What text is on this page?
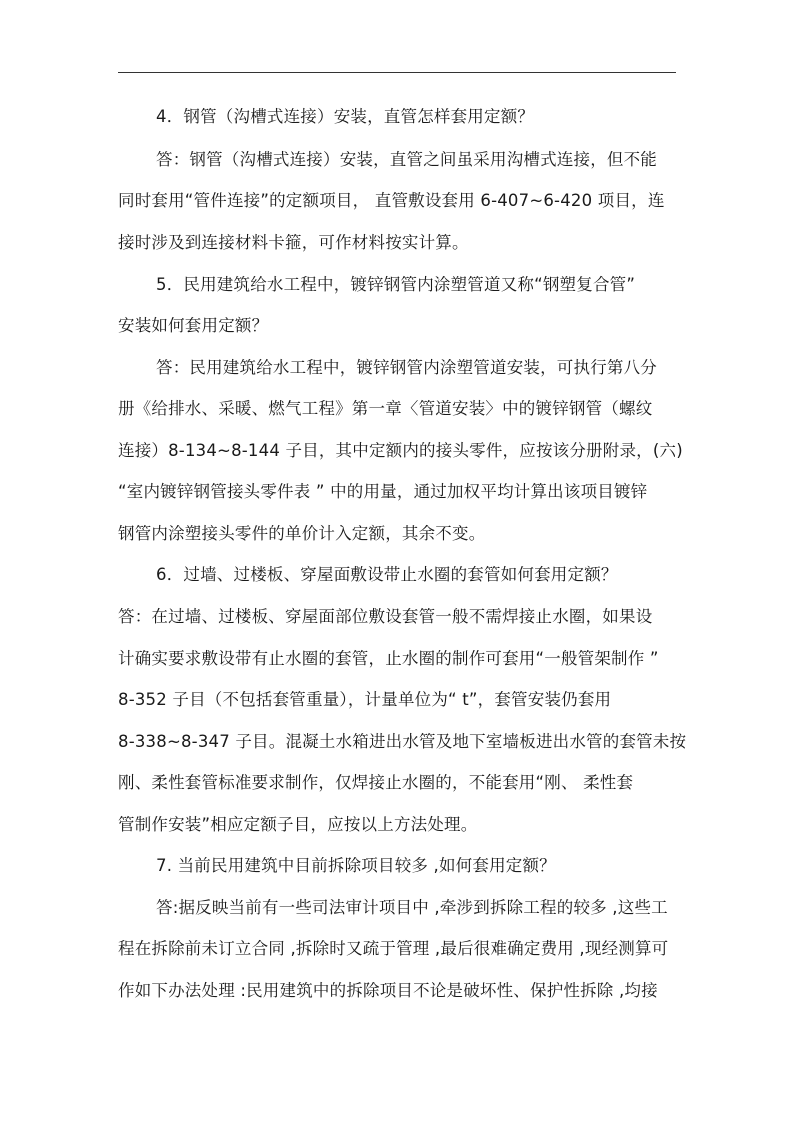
4．钢管（沟槽式连接）安装，直管怎样套用定额？
答：钢管（沟槽式连接）安装，直管之间虽采用沟槽式连接，但不能
同时套用“管件连接”的定额项目， 直管敷设套用 6-407~6-420 项目，连
接时涉及到连接材料卡箍，可作材料按实计算。
5．民用建筑给水工程中，镀锌钢管内涂塑管道又称“钢塑复合管”
安装如何套用定额？
答：民用建筑给水工程中，镀锌钢管内涂塑管道安装，可执行第八分
册《给排水、采暖、燃气工程》第一章〈管道安装〉中的镀锌钢管（螺纹
连接）8-134~8-144 子目，其中定额内的接头零件，应按该分册附录，(六)
“室内镀锌钢管接头零件表 ” 中的用量，通过加权平均计算出该项目镀锌
钢管内涂塑接头零件的单价计入定额，其余不变。
6．过墙、过楼板、穿屋面敷设带止水圈的套管如何套用定额？
答：在过墙、过楼板、穿屋面部位敷设套管一般不需焊接止水圈，如果设
计确实要求敷设带有止水圈的套管，止水圈的制作可套用“一般管架制作 ”
8-352 子目（不包括套管重量），计量单位为“ t”，套管安装仍套用
8-338~8-347 子目。混凝土水箱进出水管及地下室墙板进出水管的套管未按
刚、柔性套管标准要求制作，仅焊接止水圈的，不能套用“刚、 柔性套
管制作安装”相应定额子目，应按以上方法处理。
7. 当前民用建筑中目前拆除项目较多 ,如何套用定额？
答:据反映当前有一些司法审计项目中 ,牵涉到拆除工程的较多 ,这些工
程在拆除前未订立合同 ,拆除时又疏于管理 ,最后很难确定费用 ,现经测算可
作如下办法处理 :民用建筑中的拆除项目不论是破坏性、保护性拆除 ,均接
